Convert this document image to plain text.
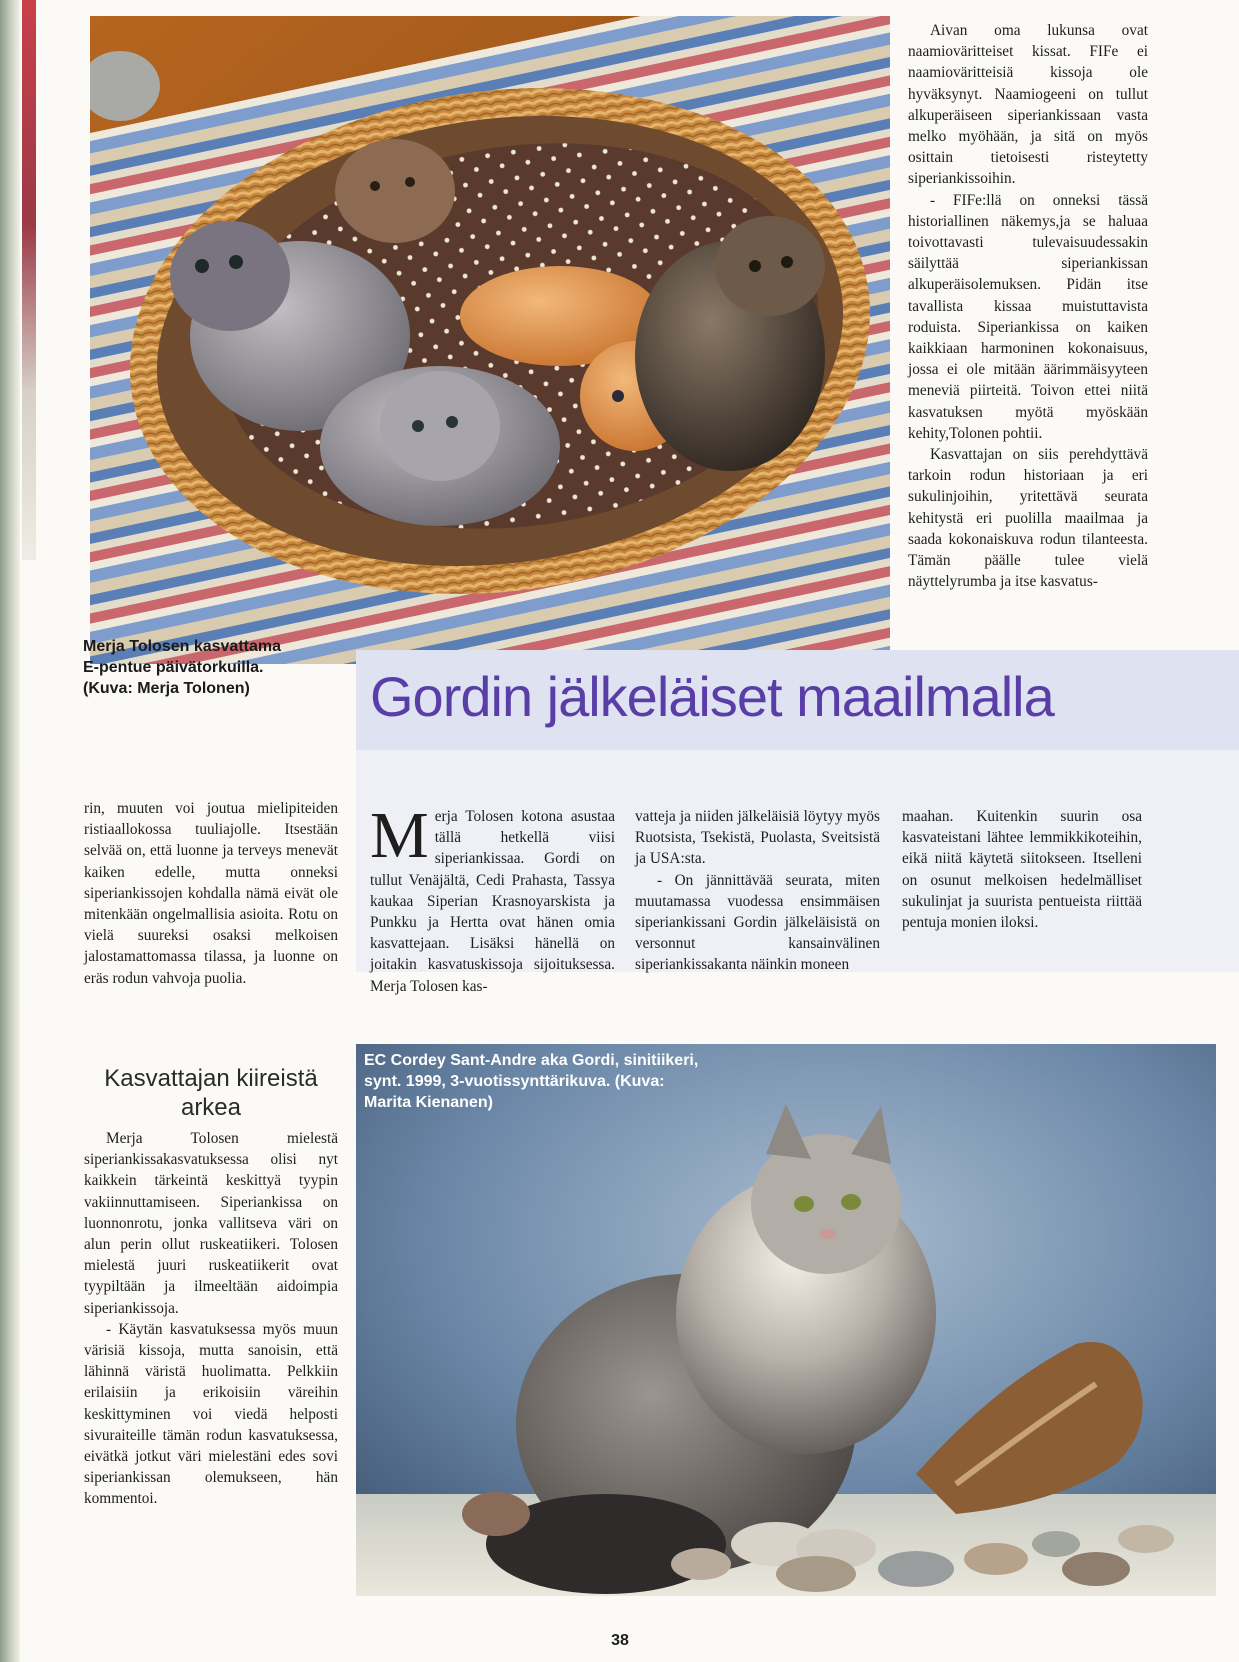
Merja Tolosen kasvattama
E-pentue päivätorkuilla.
(Kuva: Merja Tolonen)

Aivan oma lukunsa ovat naamioväritteiset kissat. FIFe ei naamioväritteisiä kissoja ole hyväksynyt. Naamiogeeni on tullut alkuperäiseen siperiankissaan vasta melko myöhään, ja sitä on myös osittain tietoisesti risteytetty siperiankissoihin.

- FIFe:llä on onneksi tässä historiallinen näkemys,ja se haluaa toivottavasti tulevaisuudessakin säilyttää siperiankissan alkuperäisolemuksen. Pidän itse tavallista kissaa muistuttavista roduista. Siperiankissa on kaiken kaikkiaan harmoninen kokonaisuus, jossa ei ole mitään äärimmäisyyteen meneviä piirteitä. Toivon ettei niitä kasvatuksen myötä myöskään kehity,Tolonen pohtii.

Kasvattajan on siis perehdyttävä tarkoin rodun historiaan ja eri sukulinjoihin, yritettävä seurata kehitystä eri puolilla maailmaa ja saada kokonaiskuva rodun tilanteesta. Tämän päälle tulee vielä näyttelyrumba ja itse kasvatus-

Gordin jälkeläiset maailmalla
Merja Tolosen kotona asustaa tällä hetkellä viisi siperiankissaa. Gordi on tullut Venäjältä, Cedi Prahasta, Tassya kaukaa Siperian Krasnoyarskista ja Punkku ja Hertta ovat hänen omia kasvattejaan. Lisäksi hänellä on joitakin kasvatuskissoja sijoituksessa. Merja Tolosen kas-

vatteja ja niiden jälkeläisiä löytyy myös Ruotsista, Tsekistä, Puolasta, Sveitsistä ja USA:sta.

- On jännittävää seurata, miten muutamassa vuodessa ensimmäisen siperiankissani Gordin jälkeläisistä on versonnut kansainvälinen siperiankissakanta näinkin moneen

maahan. Kuitenkin suurin osa kasvateistani lähtee lemmikkikoteihin, eikä niitä käytetä siitokseen. Itselleni on osunut melkoisen hedelmälliset sukulinjat ja suurista pentueista riittää pentuja monien iloksi.

rin, muuten voi joutua mielipiteiden ristiaallokossa tuuliajolle. Itsestään selvää on, että luonne ja terveys menevät kaiken edelle, mutta onneksi siperiankissojen kohdalla nämä eivät ole mitenkään ongelmallisia asioita. Rotu on vielä suureksi osaksi melkoisen jalostamattomassa tilassa, ja luonne on eräs rodun vahvoja puolia.

Kasvattajan kiireistä
arkea

Merja Tolosen mielestä siperiankissakasvatuksessa olisi nyt kaikkein tärkeintä keskittyä tyypin vakiinnuttamiseen. Siperiankissa on luonnonrotu, jonka vallitseva väri on alun perin ollut ruskeatiikeri. Tolosen mielestä juuri ruskeatiikerit ovat tyypiltään ja ilmeeltään aidoimpia siperiankissoja.

- Käytän kasvatuksessa myös muun värisiä kissoja, mutta sanoisin, että lähinnä väristä huolimatta. Pelkkiin erilaisiin ja erikoisiin väreihin keskittyminen voi viedä helposti sivuraiteille tämän rodun kasvatuksessa, eivätkä jotkut väri mielestäni edes sovi siperiankissan olemukseen, hän kommentoi.

EC Cordey Sant-Andre aka Gordi, sinitiikeri,
synt. 1999, 3-vuotissynttärikuva. (Kuva:
Marita Kienanen)
38
